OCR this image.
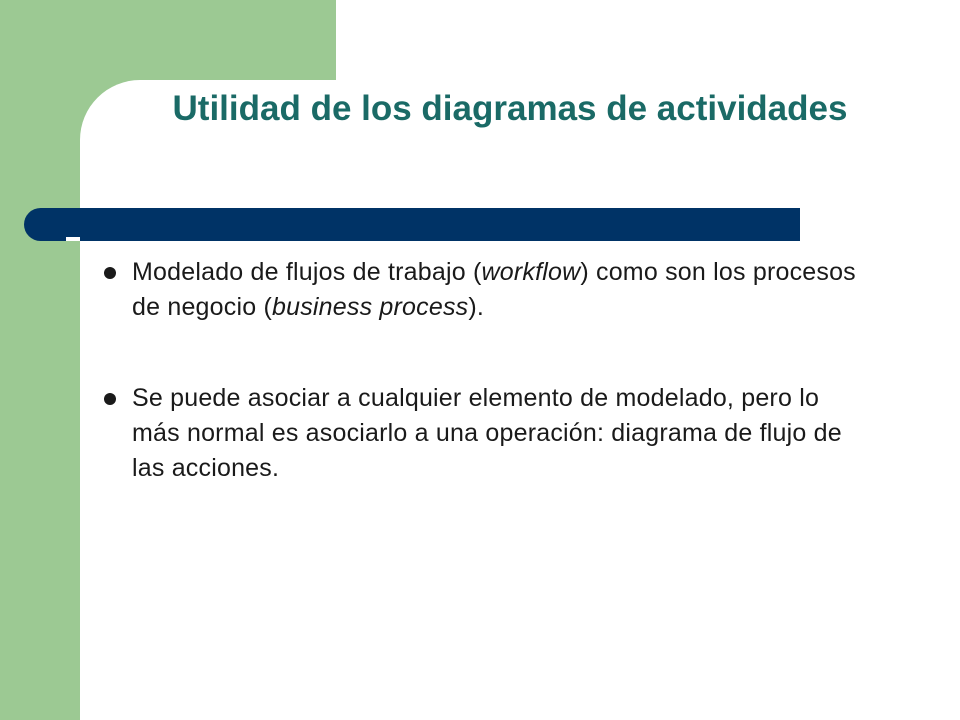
Utilidad de los diagramas de actividades
Modelado de flujos de trabajo (workflow) como son los procesos de negocio (business process).
Se puede asociar a cualquier elemento de modelado, pero lo más normal es asociarlo a una operación: diagrama de flujo de las acciones.
